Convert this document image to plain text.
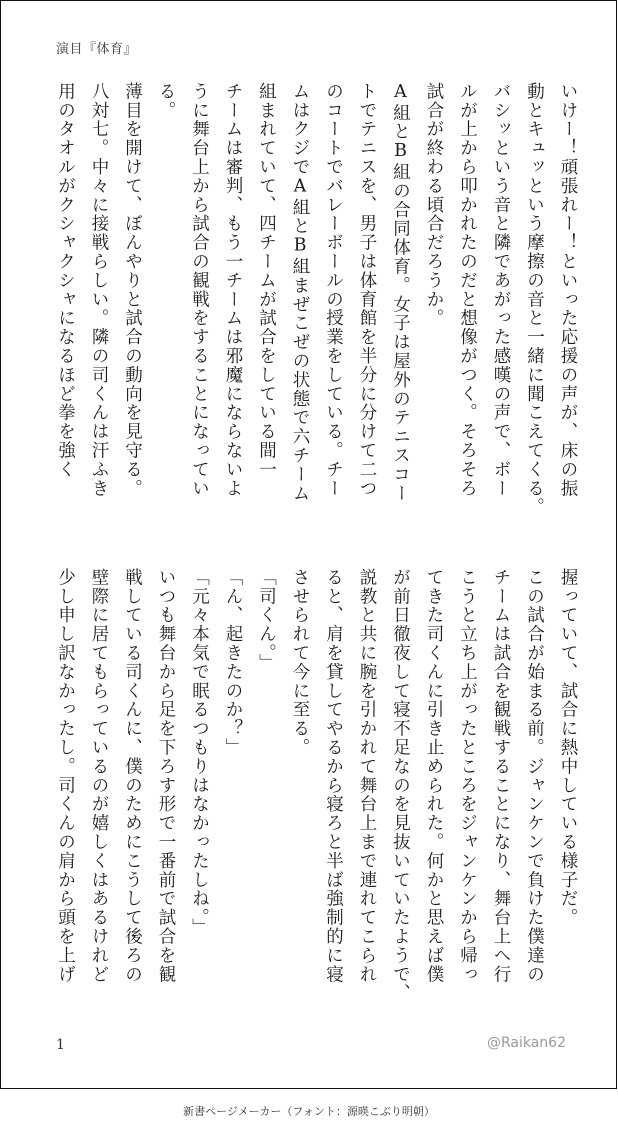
演目『体育』
いけー！頑張れー！といった応援の声が、床の振
動とキュッという摩擦の音と一緒に聞こえてくる。
バシッという音と隣であがった感嘆の声で、ボー
ルが上から叩かれたのだと想像がつく。そろそろ
試合が終わる頃合だろうか。
A組とB組の合同体育。女子は屋外のテニスコー
トでテニスを、男子は体育館を半分に分けて二つ
のコートでバレーボールの授業をしている。チー
ムはクジでA組とB組まぜこぜの状態で六チーム
組まれていて、四チームが試合をしている間一
チームは審判、もう一チームは邪魔にならないよ
うに舞台上から試合の観戦をすることになってい
る。
薄目を開けて、ぼんやりと試合の動向を見守る。
八対七。中々に接戦らしい。隣の司くんは汗ふき
用のタオルがクシャクシャになるほど拳を強く
握っていて、試合に熱中している様子だ。
この試合が始まる前。ジャンケンで負けた僕達の
チームは試合を観戦することになり、舞台上へ行
こうと立ち上がったところをジャンケンから帰っ
てきた司くんに引き止められた。何かと思えば僕
が前日徹夜して寝不足なのを見抜いていたようで、
説教と共に腕を引かれて舞台上まで連れてこられ
ると、肩を貸してやるから寝ろと半ば強制的に寝
させられて今に至る。
「司くん。」
「ん、起きたのか？」
「元々本気で眠るつもりはなかったしね。」
いつも舞台から足を下ろす形で一番前で試合を観
戦している司くんに、僕のためにこうして後ろの
壁際に居てもらっているのが嬉しくはあるけれど
少し申し訳なかったし。司くんの肩から頭を上げ
1	@Raikan62
新書ページメーカー（フォント：源暎こぶり明朝）
